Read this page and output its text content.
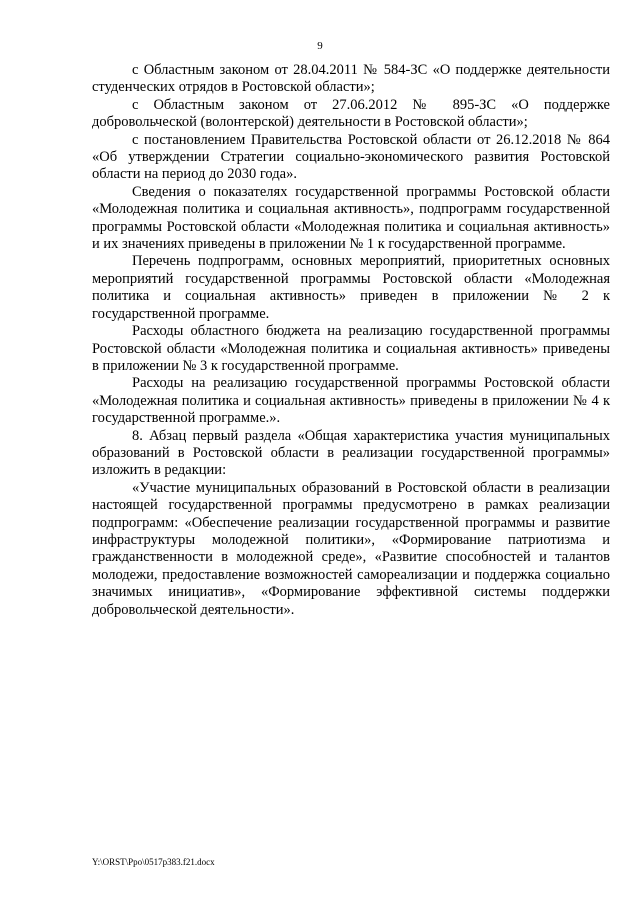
9

с Областным законом от 28.04.2011 № 584-ЗС «О поддержке деятельности студенческих отрядов в Ростовской области»;

с Областным законом от 27.06.2012 № 895-ЗС «О поддержке добровольческой (волонтерской) деятельности в Ростовской области»;

с постановлением Правительства Ростовской области от 26.12.2018 № 864 «Об утверждении Стратегии социально-экономического развития Ростовской области на период до 2030 года».

Сведения о показателях государственной программы Ростовской области «Молодежная политика и социальная активность», подпрограмм государственной программы Ростовской области «Молодежная политика и социальная активность» и их значениях приведены в приложении № 1 к государственной программе.

Перечень подпрограмм, основных мероприятий, приоритетных основных мероприятий государственной программы Ростовской области «Молодежная политика и социальная активность» приведен в приложении № 2 к государственной программе.

Расходы областного бюджета на реализацию государственной программы Ростовской области «Молодежная политика и социальная активность» приведены в приложении № 3 к государственной программе.

Расходы на реализацию государственной программы Ростовской области «Молодежная политика и социальная активность» приведены в приложении № 4 к государственной программе.».

8. Абзац первый раздела «Общая характеристика участия муниципальных образований в Ростовской области в реализации государственной программы» изложить в редакции:

«Участие муниципальных образований в Ростовской области в реализации настоящей государственной программы предусмотрено в рамках реализации подпрограмм: «Обеспечение реализации государственной программы и развитие инфраструктуры молодежной политики», «Формирование патриотизма и гражданственности в молодежной среде», «Развитие способностей и талантов молодежи, предоставление возможностей самореализации и поддержка социально значимых инициатив», «Формирование эффективной системы поддержки добровольческой деятельности».

Y:\ORST\Ppo\0517p383.f21.docx
